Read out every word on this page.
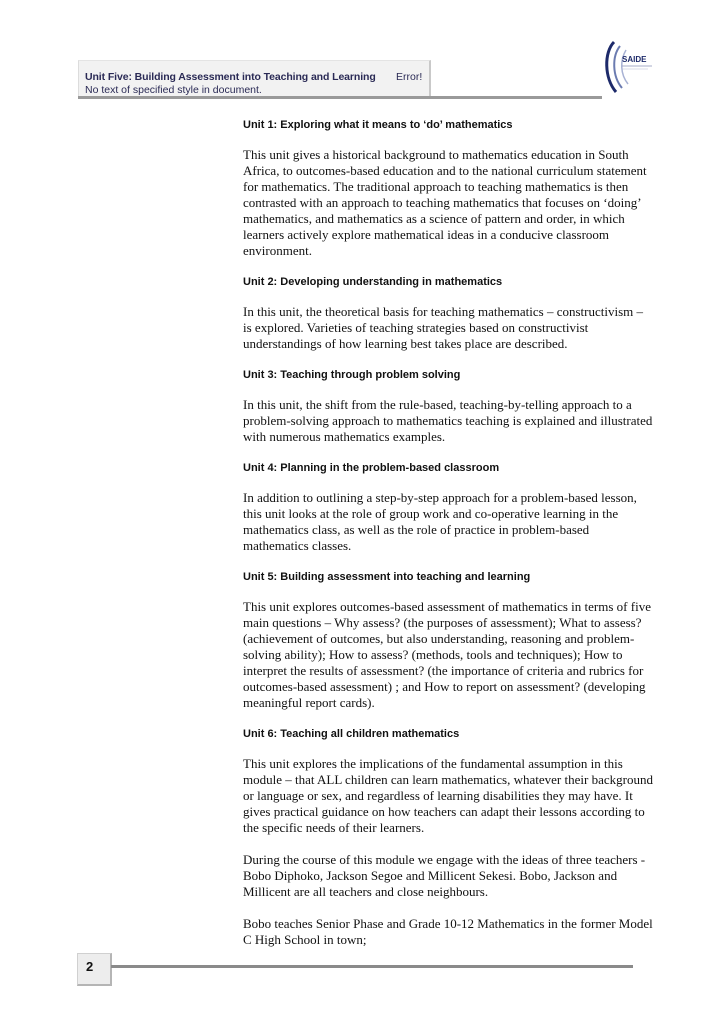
Unit Five: Building Assessment into Teaching and Learning Error!
No text of specified style in document.
SAIDE

Unit 1: Exploring what it means to ‘do’ mathematics

This unit gives a historical background to mathematics education in South Africa, to outcomes-based education and to the national curriculum statement for mathematics. The traditional approach to teaching mathematics is then contrasted with an approach to teaching mathematics that focuses on ‘doing’ mathematics, and mathematics as a science of pattern and order, in which learners actively explore mathematical ideas in a conducive classroom environment.

Unit 2: Developing understanding in mathematics

In this unit, the theoretical basis for teaching mathematics – constructivism – is explored. Varieties of teaching strategies based on constructivist understandings of how learning best takes place are described.

Unit 3: Teaching through problem solving

In this unit, the shift from the rule-based, teaching-by-telling approach to a problem-solving approach to mathematics teaching is explained and illustrated with numerous mathematics examples.

Unit 4: Planning in the problem-based classroom

In addition to outlining a step-by-step approach for a problem-based lesson, this unit looks at the role of group work and co-operative learning in the mathematics class, as well as the role of practice in problem-based mathematics classes.

Unit 5: Building assessment into teaching and learning

This unit explores outcomes-based assessment of mathematics in terms of five main questions – Why assess? (the purposes of assessment); What to assess? (achievement of outcomes, but also understanding, reasoning and problem-solving ability); How to assess? (methods, tools and techniques); How to interpret the results of assessment? (the importance of criteria and rubrics for outcomes-based assessment) ; and How to report on assessment? (developing meaningful report cards).

Unit 6: Teaching all children mathematics

This unit explores the implications of the fundamental assumption in this module – that ALL children can learn mathematics, whatever their background or language or sex, and regardless of learning disabilities they may have. It gives practical guidance on how teachers can adapt their lessons according to the specific needs of their learners.

During the course of this module we engage with the ideas of three teachers - Bobo Diphoko, Jackson Segoe and Millicent Sekesi. Bobo, Jackson and Millicent are all teachers and close neighbours.

Bobo teaches Senior Phase and Grade 10-12 Mathematics in the former Model C High School in town;

2
